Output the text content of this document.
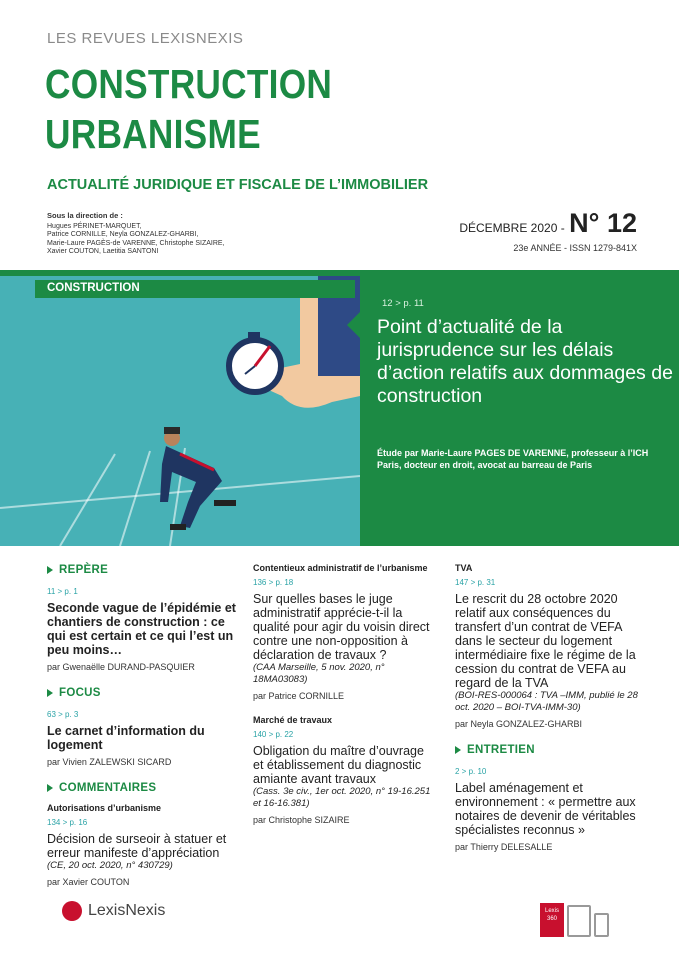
LES REVUES LEXISNEXIS
CONSTRUCTION
URBANISME
ACTUALITÉ JURIDIQUE ET FISCALE DE L’IMMOBILIER
Sous la direction de :
Hugues PÉRINET-MARQUET,
Patrice CORNILLE, Neyla GONZALEZ-GHARBI,
Marie-Laure PAGÈS-de VARENNE, Christophe SIZAIRE,
Xavier COUTON, Laetitia SANTONI
DÉCEMBRE 2020 - N° 12
23e ANNÉE - ISSN 1279-841X
CONSTRUCTION
12 > p. 11
Point d’actualité de la jurisprudence sur les délais d’action relatifs aux dommages de construction
Étude par Marie-Laure PAGES DE VARENNE, professeur à l’ICH Paris, docteur en droit, avocat au barreau de Paris
REPÈRE
11 > p. 1
Seconde vague de l’épidémie et chantiers de construction : ce qui est certain et ce qui l’est un peu moins…
par Gwenaëlle DURAND-PASQUIER
FOCUS
63 > p. 3
Le carnet d’information du logement
par Vivien ZALEWSKI SICARD
COMMENTAIRES
Autorisations d’urbanisme
134 > p. 16
Décision de surseoir à statuer et erreur manifeste d’appréciation
(CE, 20 oct. 2020, n° 430729)
par Xavier COUTON
Contentieux administratif de l’urbanisme
136 > p. 18
Sur quelles bases le juge administratif apprécie-t-il la qualité pour agir du voisin direct contre une non-opposition à déclaration de travaux ?
(CAA Marseille, 5 nov. 2020, n° 18MA03083)
par Patrice CORNILLE
Marché de travaux
140 > p. 22
Obligation du maître d’ouvrage et établissement du diagnostic amiante avant travaux
(Cass. 3e civ., 1er oct. 2020, n° 19-16.251 et 16-16.381)
par Christophe SIZAIRE
TVA
147 > p. 31
Le rescrit du 28 octobre 2020 relatif aux conséquences du transfert d’un contrat de VEFA dans le secteur du logement intermédiaire fixe le régime de la cession du contrat de VEFA au regard de la TVA
(BOI-RES-000064 : TVA –IMM, publié le 28 oct. 2020 – BOI-TVA-IMM-30)
par Neyla GONZALEZ-GHARBI
ENTRETIEN
2 > p. 10
Label aménagement et environnement : « permettre aux notaires de devenir de véritables spécialistes reconnus »
par Thierry DELESALLE
LexisNexis	Lexis
360
